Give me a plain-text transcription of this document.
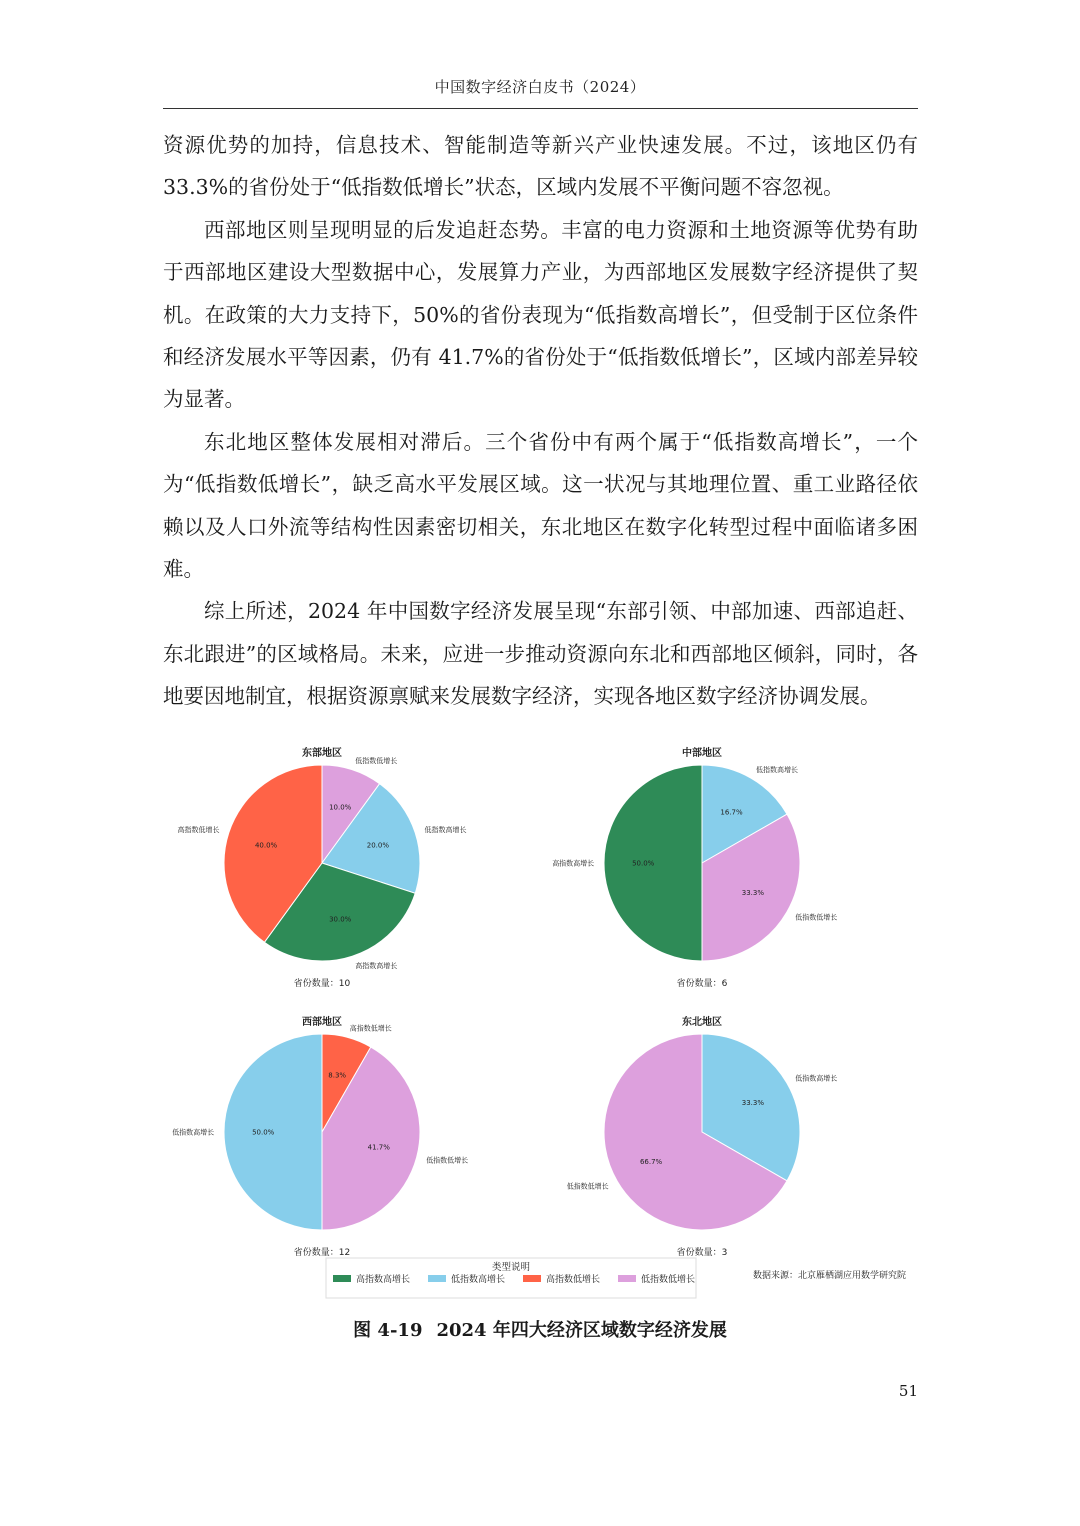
中国数字经济白皮书（2024）

资源优势的加持，信息技术、智能制造等新兴产业快速发展。不过，该地区仍有33.3%的省份处于“低指数低增长”状态，区域内发展不平衡问题不容忽视。

西部地区则呈现明显的后发追赶态势。丰富的电力资源和土地资源等优势有助于西部地区建设大型数据中心，发展算力产业，为西部地区发展数字经济提供了契机。在政策的大力支持下，50%的省份表现为“低指数高增长”，但受制于区位条件和经济发展水平等因素，仍有 41.7%的省份处于“低指数低增长”，区域内部差异较为显著。

东北地区整体发展相对滞后。三个省份中有两个属于“低指数高增长”，一个为“低指数低增长”，缺乏高水平发展区域。这一状况与其地理位置、重工业路径依赖以及人口外流等结构性因素密切相关，东北地区在数字化转型过程中面临诸多困难。

综上所述，2024 年中国数字经济发展呈现“东部引领、中部加速、西部追赶、东北跟进”的区域格局。未来，应进一步推动资源向东北和西部地区倾斜，同时，各地要因地制宜，根据资源禀赋来发展数字经济，实现各地区数字经济协调发展。

东部地区
省份数量：10
10.0%
低指数低增长
20.0%
低指数高增长
30.0%
高指数高增长
40.0%
高指数低增长
中部地区
省份数量：6
16.7%
低指数高增长
33.3%
低指数低增长
50.0%
高指数高增长
西部地区
省份数量：12
8.3%
高指数低增长
41.7%
低指数低增长
50.0%
低指数高增长
东北地区
省份数量：3
33.3%
低指数高增长
66.7%
低指数低增长
类型说明
高指数高增长	低指数高增长	高指数低增长	低指数低增长	数据来源：北京雁栖湖应用数学研究院
图 4-19 2024 年四大经济区域数字经济发展
51
